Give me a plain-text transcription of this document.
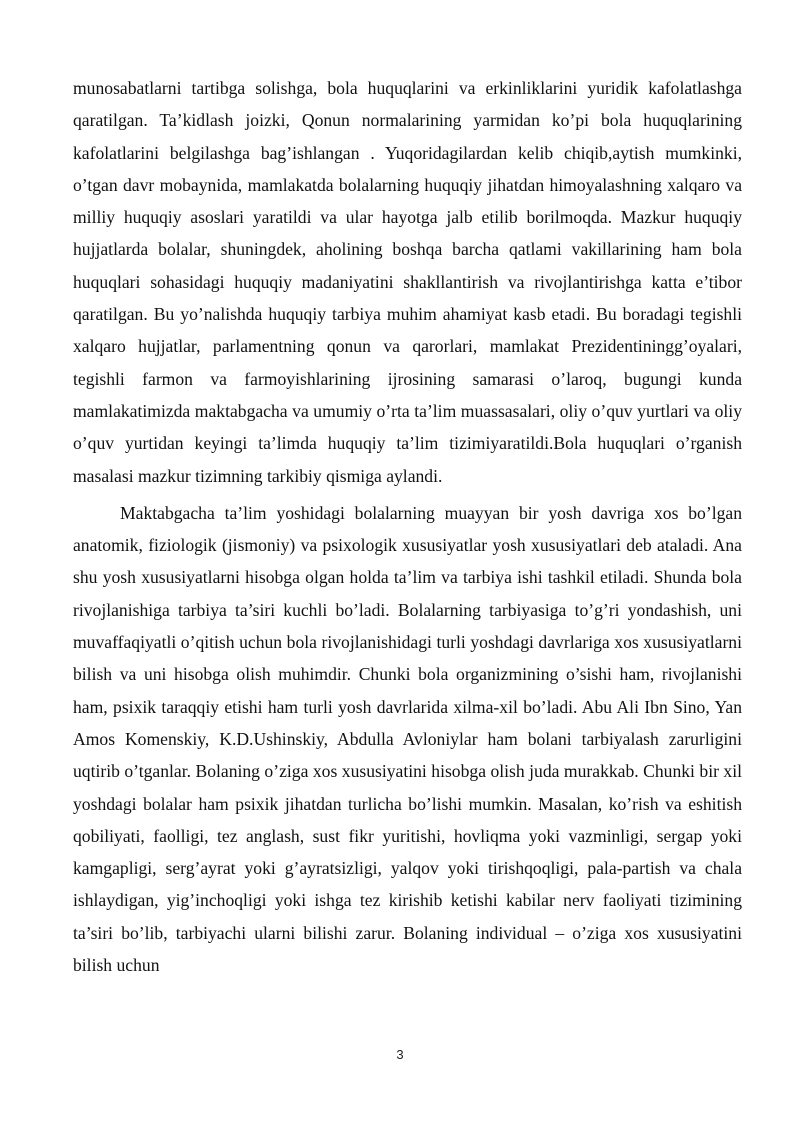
munosabatlarni tartibga solishga, bola huquqlarini va erkinliklarini yuridik kafolatlashga qaratilgan. Ta’kidlash joizki, Qonun normalarining yarmidan ko’pi bola huquqlarining kafolatlarini belgilashga bag’ishlangan . Yuqoridagilardan kelib chiqib,aytish mumkinki, o’tgan davr mobaynida, mamlakatda bolalarning huquqiy jihatdan himoyalashning xalqaro va milliy huquqiy asoslari yaratildi va ular hayotga jalb etilib borilmoqda. Mazkur huquqiy hujjatlarda bolalar, shuningdek, aholining boshqa barcha qatlami vakillarining ham bola huquqlari sohasidagi huquqiy madaniyatini shakllantirish va rivojlantirishga katta e’tibor qaratilgan. Bu yo’nalishda huquqiy tarbiya muhim ahamiyat kasb etadi. Bu boradagi tegishli xalqaro hujjatlar, parlamentning qonun va qarorlari, mamlakat Prezidentiningg’oyalari, tegishli farmon va farmoyishlarining ijrosining samarasi o’laroq, bugungi kunda mamlakatimizda maktabgacha va umumiy o’rta ta’lim muassasalari, oliy o’quv yurtlari va oliy o’quv yurtidan keyingi ta’limda huquqiy ta’lim tizimiyaratildi.Bola huquqlari o’rganish masalasi mazkur tizimning tarkibiy qismiga aylandi.

Maktabgacha ta’lim yoshidagi bolalarning muayyan bir yosh davriga xos bo’lgan anatomik, fiziologik (jismoniy) va psixologik xususiyatlar yosh xususiyatlari deb ataladi. Ana shu yosh xususiyatlarni hisobga olgan holda ta’lim va tarbiya ishi tashkil etiladi. Shunda bola rivojlanishiga tarbiya ta’siri kuchli bo’ladi. Bolalarning tarbiyasiga to’g’ri yondashish, uni muvaffaqiyatli o’qitish uchun bola rivojlanishidagi turli yoshdagi davrlariga xos xususiyatlarni bilish va uni hisobga olish muhimdir. Chunki bola organizmining o’sishi ham, rivojlanishi ham, psixik taraqqiy etishi ham turli yosh davrlarida xilma-xil bo’ladi. Abu Ali Ibn Sino, Yan Amos Komenskiy, K.D.Ushinskiy, Abdulla Avloniylar ham bolani tarbiyalash zarurligini uqtirib o’tganlar. Bolaning o’ziga xos xususiyatini hisobga olish juda murakkab. Chunki bir xil yoshdagi bolalar ham psixik jihatdan turlicha bo’lishi mumkin. Masalan, ko’rish va eshitish qobiliyati, faolligi, tez anglash, sust fikr yuritishi, hovliqma yoki vazminligi, sergap yoki kamgapligi, serg’ayrat yoki g’ayratsizligi, yalqov yoki tirishqoqligi, pala-partish va chala ishlaydigan, yig’inchoqligi yoki ishga tez kirishib ketishi kabilar nerv faoliyati tizimining ta’siri bo’lib, tarbiyachi ularni bilishi zarur. Bolaning individual – o’ziga xos xususiyatini bilish uchun

3
